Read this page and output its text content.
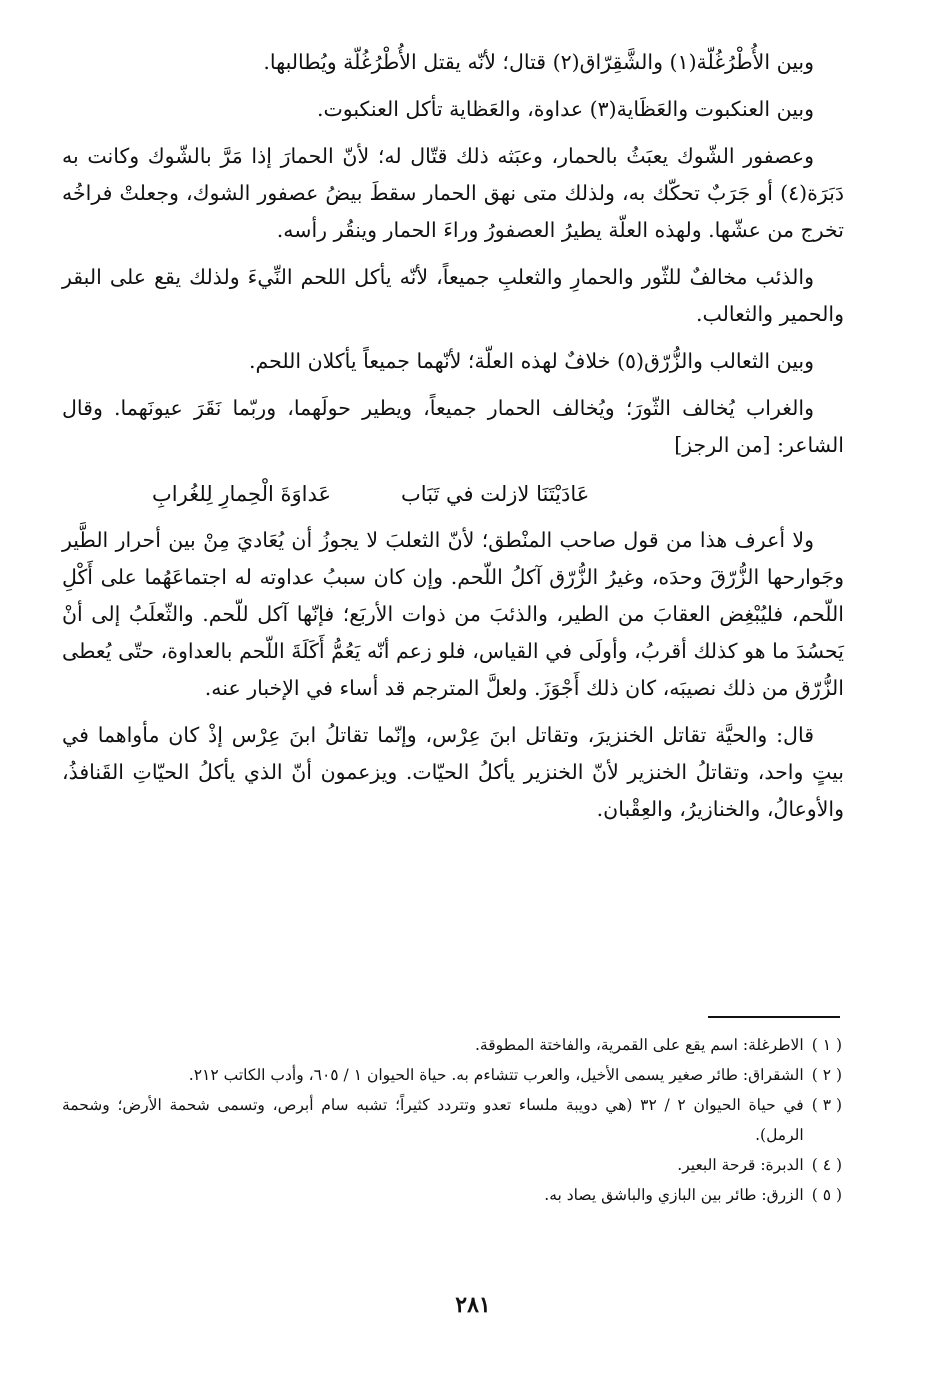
وبين الأُطْرُغُلّة(١) والشَّقِرّاق(٢) قتال؛ لأنّه يقتل الأُطْرُغُلّة ويُطالبها.

وبين العنكبوت والعَظَاية(٣) عداوة، والعَظاية تأكل العنكبوت.

وعصفور الشّوك يعبَثُ بالحمار، وعبَثه ذلك قتّال له؛ لأنّ الحمارَ إذا مَرَّ بالشّوك وكانت به دَبَرَة(٤) أو جَرَبٌ تحكّك به، ولذلك متى نهق الحمار سقطَ بيضُ عصفور الشوك، وجعلتْ فراخُه تخرج من عشّها. ولهذه العلّة يطيرُ العصفورُ وراءَ الحمار وينقُر رأسه.

والذئب مخالفٌ للثّور والحمارِ والثعلبِ جميعاً، لأنّه يأكل اللحم النِّيءَ ولذلك يقع على البقر والحمير والثعالب.

وبين الثعالب والزُّرّق(٥) خلافٌ لهذه العلّة؛ لأنّهما جميعاً يأكلان اللحم.

والغراب يُخالف الثّورَ؛ ويُخالف الحمار جميعاً، ويطير حولَهما، وربّما نَقَرَ عيونَهما. وقال الشاعر: [من الرجز]

عَادَيْتَنَا لازلت في تَبَاب
عَداوَةَ الْحِمارِ لِلغُرابِ

ولا أعرف هذا من قول صاحب المنْطق؛ لأنّ الثعلبَ لا يجوزُ أن يُعَاديَ مِنْ بين أحرار الطَّير وجَوارحها الزُّرّقَ وحدَه، وغيرُ الزُّرّق آكلُ اللّحم. وإن كان سببُ عداوته له اجتماعَهُما على أَكْلِ اللّحم، فليُبْغِض العقابَ من الطير، والذئبَ من ذوات الأربَع؛ فإنّها آكل للّحم. والثّعلَبُ إلى أنْ يَحسُدَ ما هو كذلك أقربُ، وأولَى في القياس، فلو زعم أنّه يَعُمُّ أَكَلَةَ اللّحم بالعداوة، حتّى يُعطى الزُّرّق من ذلك نصيبَه، كان ذلك أَجْوَزَ. ولعلَّ المترجم قد أساء في الإخبار عنه.

قال: والحيَّة تقاتل الخنزيرَ، وتقاتل ابنَ عِرْس، وإنّما تقاتلُ ابنَ عِرْس إذْ كان مأواهما في بيتٍ واحد، وتقاتلُ الخنزير لأنّ الخنزير يأكلُ الحيّات. ويزعمون أنّ الذي يأكلُ الحيّاتِ القَنافذُ، والأوعالُ، والخنازيرُ، والعِقْبان.

( ١ )
الاطرغلة: اسم يقع على القمرية، والفاختة المطوقة.
( ٢ )
الشقراق: طائر صغير يسمى الأخيل، والعرب تتشاءم به. حياة الحيوان ١ / ٦٠٥، وأدب الكاتب ٢١٢.
( ٣ )
في حياة الحيوان ٢ / ٣٢ (هي دويبة ملساء تعدو وتتردد كثيراً؛ تشبه سام أبرص، وتسمى شحمة الأرض؛ وشحمة الرمل).
( ٤ )
الدبرة: قرحة البعير.
( ٥ )
الزرق: طائر بين البازي والباشق يصاد به.
٢٨١
